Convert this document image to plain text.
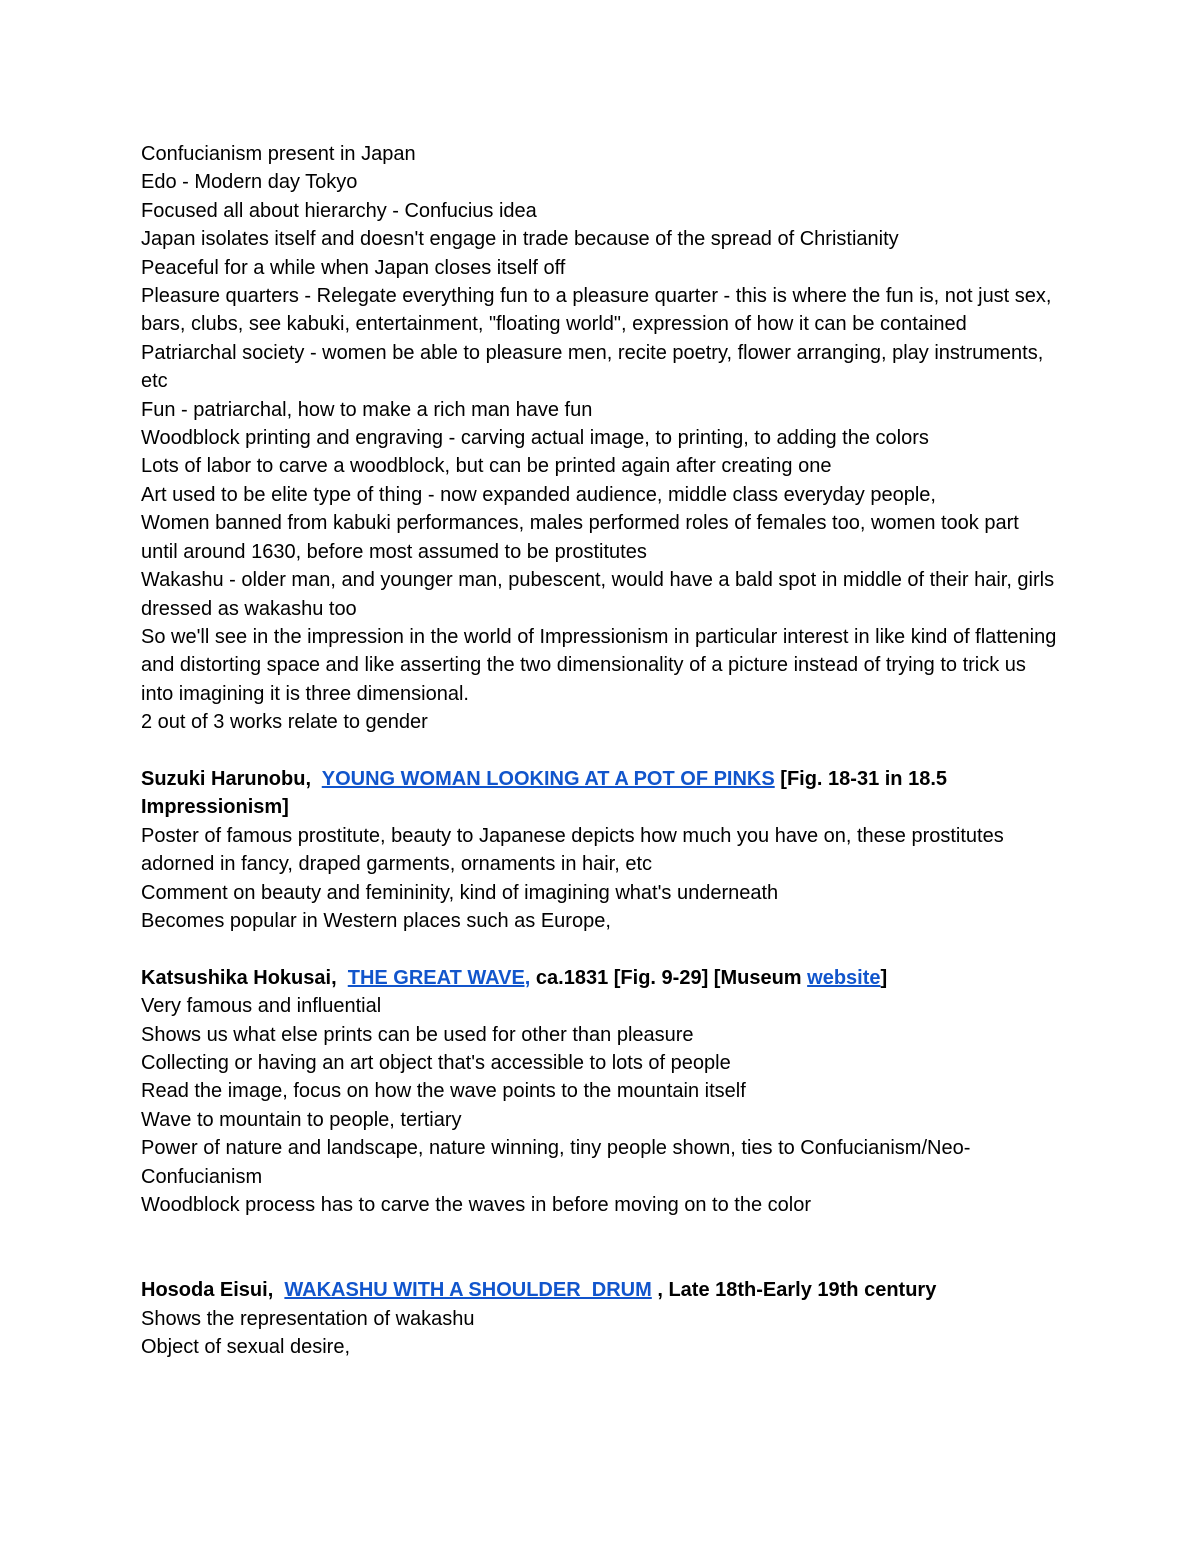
Confucianism present in Japan

Edo - Modern day Tokyo

Focused all about hierarchy - Confucius idea

Japan isolates itself and doesn't engage in trade because of the spread of Christianity

Peaceful for a while when Japan closes itself off

Pleasure quarters - Relegate everything fun to a pleasure quarter - this is where the fun is, not just sex, bars, clubs, see kabuki, entertainment, "floating world", expression of how it can be contained

Patriarchal society - women be able to pleasure men, recite poetry, flower arranging, play instruments, etc

Fun - patriarchal, how to make a rich man have fun

Woodblock printing and engraving - carving actual image, to printing, to adding the colors

Lots of labor to carve a woodblock, but can be printed again after creating one

Art used to be elite type of thing - now expanded audience, middle class everyday people,

Women banned from kabuki performances, males performed roles of females too, women took part until around 1630, before most assumed to be prostitutes

Wakashu - older man, and younger man, pubescent, would have a bald spot in middle of their hair, girls dressed as wakashu too

So we'll see in the impression in the world of Impressionism in particular interest in like kind of flattening and distorting space and like asserting the two dimensionality of a picture instead of trying to trick us into imagining it is three dimensional.

2 out of 3 works relate to gender

Suzuki Harunobu, YOUNG WOMAN LOOKING AT A POT OF PINKS [Fig. 18-31 in 18.5 Impressionism]

Poster of famous prostitute, beauty to Japanese depicts how much you have on, these prostitutes adorned in fancy, draped garments, ornaments in hair, etc

Comment on beauty and femininity, kind of imagining what's underneath

Becomes popular in Western places such as Europe,

Katsushika Hokusai, THE GREAT WAVE, ca.1831 [Fig. 9-29] [Museum website]

Very famous and influential

Shows us what else prints can be used for other than pleasure

Collecting or having an art object that's accessible to lots of people

Read the image, focus on how the wave points to the mountain itself

Wave to mountain to people, tertiary

Power of nature and landscape, nature winning, tiny people shown, ties to Confucianism/Neo-Confucianism

Woodblock process has to carve the waves in before moving on to the color

Hosoda Eisui, WAKASHU WITH A SHOULDER_DRUM , Late 18th-Early 19th century

Shows the representation of wakashu

Object of sexual desire,
